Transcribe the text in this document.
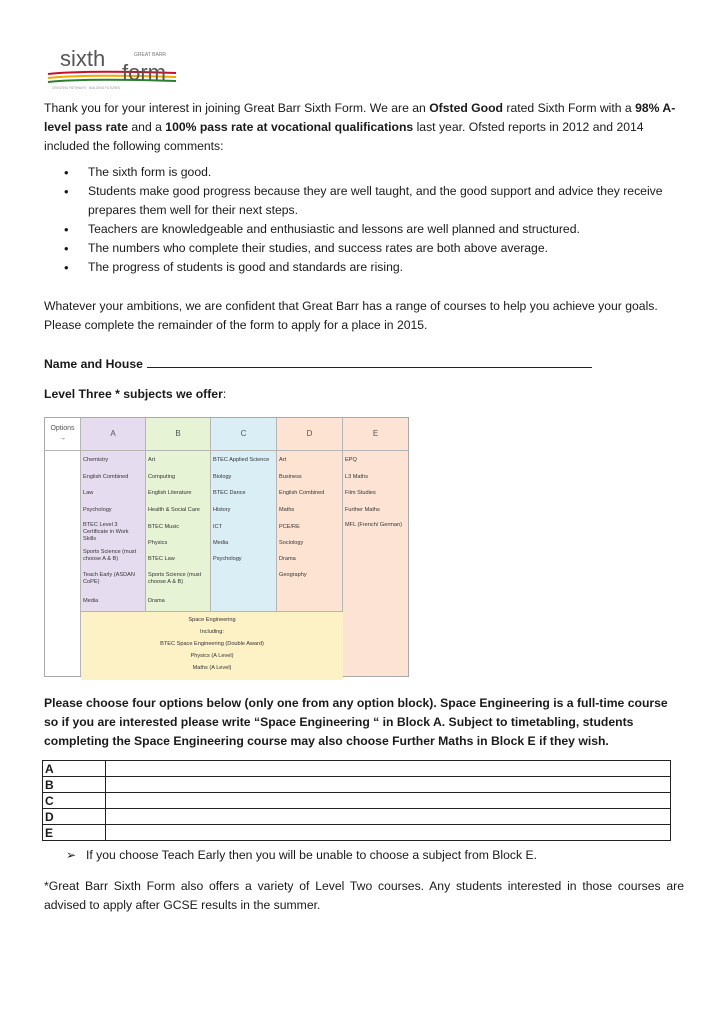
sixth
form
GREAT BARR
CREATING PATHWAYS · BUILDING FUTURES

Thank you for your interest in joining Great Barr Sixth Form. We are an Ofsted Good rated Sixth Form with a 98% A-level pass rate and a 100% pass rate at vocational qualifications last year. Ofsted reports in 2012 and 2014 included the following comments:

• The sixth form is good.
• Students make good progress because they are well taught, and the good support and advice they receive prepares them well for their next steps.
• Teachers are knowledgeable and enthusiastic and lessons are well planned and structured.
• The numbers who complete their studies, and success rates are both above average.
• The progress of students is good and standards are rising.

Whatever your ambitions, we are confident that Great Barr has a range of courses to help you achieve your goals. Please complete the remainder of the form to apply for a place in 2015.

Name and House

Level Three * subjects we offer:

Options
→
A
Chemistry
English Combined
Law
Psychology
BTEC Level 3 Certificate in Work Skills
Sports Science (must choose A & B)
Teach Early (ASDAN CoPE)
Media
B
Art
Computing
English Literature
Health & Social Care
BTEC Music
Physics
BTEC Law
Sports Science (must choose A & B)
Drama
C
BTEC Applied Science
Biology
BTEC Dance
History
ICT
Media
Psychology
D
Art
Business
English Combined
Maths
PCE/RE
Sociology
Drama
Geography
E
EPQ
L3 Maths
Film Studies
Further Maths
MFL (French/ German)
Space Engineering
Including:
BTEC Space Engineering (Double Award)
Physics (A Level)
Maths (A Level)

Please choose four options below (only one from any option block). Space Engineering is a full-time course so if you are interested please write “Space Engineering “ in Block A. Subject to timetabling, students completing the Space Engineering course may also choose Further Maths in Block E if they wish.

A	
B	
C	
D	
E	
➢ If you choose Teach Early then you will be unable to choose a subject from Block E.

*Great Barr Sixth Form also offers a variety of Level Two courses. Any students interested in those courses are advised to apply after GCSE results in the summer.
